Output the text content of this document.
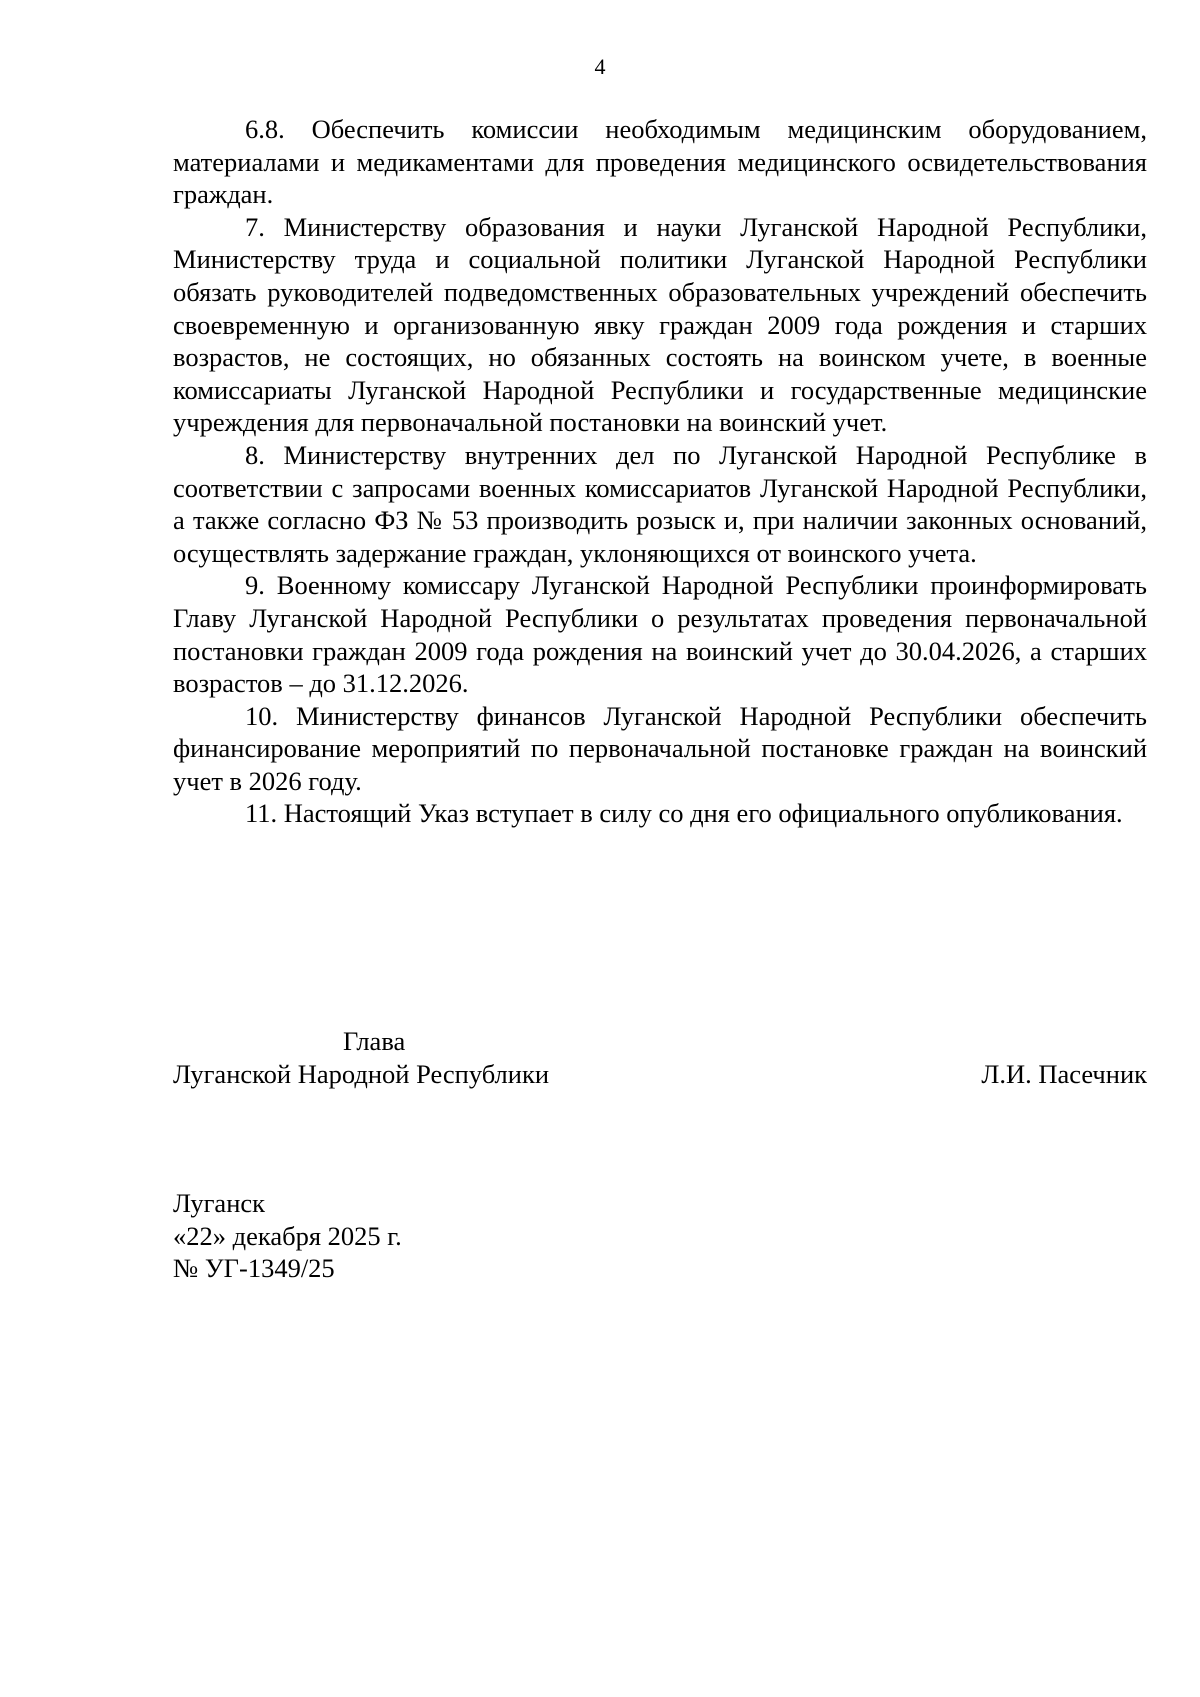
4

6.8. Обеспечить комиссии необходимым медицинским оборудованием, материалами и медикаментами для проведения медицинского освидетельствования граждан.

7. Министерству образования и науки Луганской Народной Республики, Министерству труда и социальной политики Луганской Народной Республики обязать руководителей подведомственных образовательных учреждений обеспечить своевременную и организованную явку граждан 2009 года рождения и старших возрастов, не состоящих, но обязанных состоять на воинском учете, в военные комиссариаты Луганской Народной Республики и государственные медицинские учреждения для первоначальной постановки на воинский учет.

8. Министерству внутренних дел по Луганской Народной Республике в соответствии с запросами военных комиссариатов Луганской Народной Республики, а также согласно ФЗ № 53 производить розыск и, при наличии законных оснований, осуществлять задержание граждан, уклоняющихся от воинского учета.

9. Военному комиссару Луганской Народной Республики проинформировать Главу Луганской Народной Республики о результатах проведения первоначальной постановки граждан 2009 года рождения на воинский учет до 30.04.2026, а старших возрастов – до 31.12.2026.

10. Министерству финансов Луганской Народной Республики обеспечить финансирование мероприятий по первоначальной постановке граждан на воинский учет в 2026 году.

11. Настоящий Указ вступает в силу со дня его официального опубликования.

Глава
Луганской Народной Республики	Л.И. Пасечник
Луганск
«22» декабря 2025 г.
№ УГ-1349/25
